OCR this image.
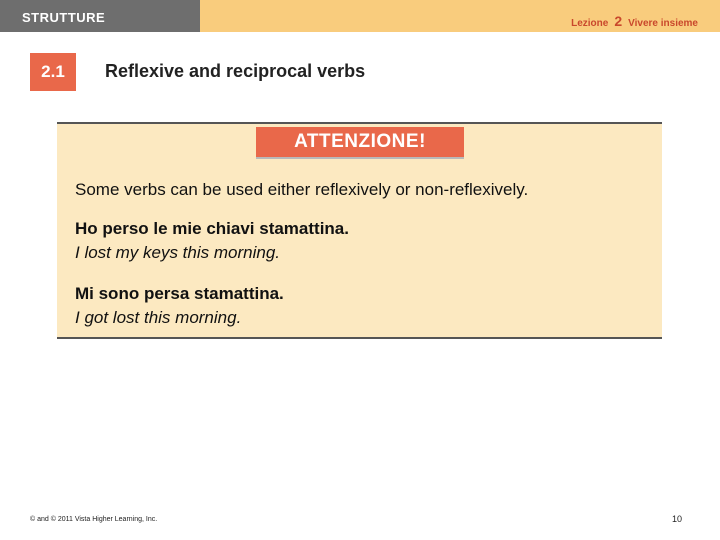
STRUTTURE	Lezione 2 Vivere insieme
2.1	Reflexive and reciprocal verbs
ATTENZIONE!
Some verbs can be used either reflexively or non-reflexively.
Ho perso le mie chiavi stamattina.
I lost my keys this morning.
Mi sono persa stamattina.
I got lost this morning.
© and © 2011 Vista Higher Learning, Inc.	10
